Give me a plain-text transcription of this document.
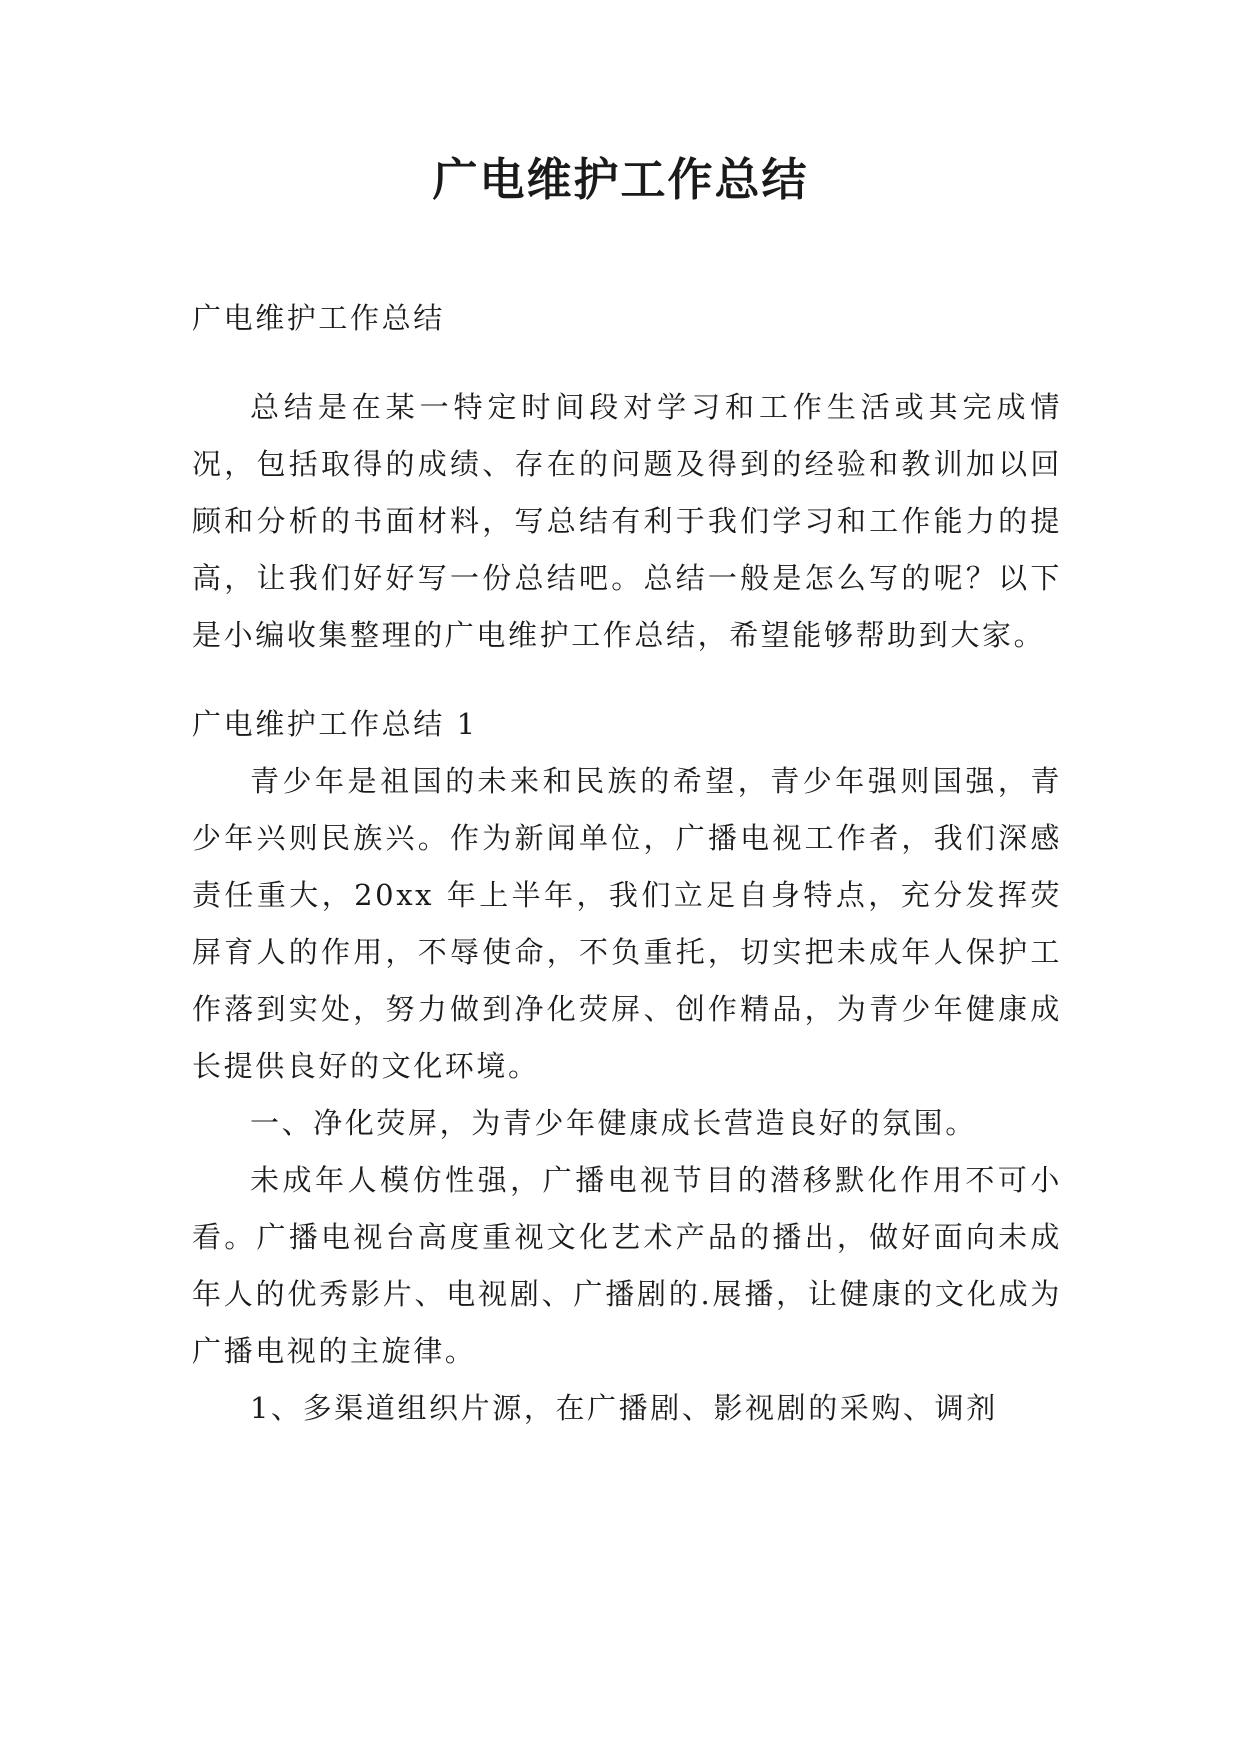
广电维护工作总结

广电维护工作总结

总结是在某一特定时间段对学习和工作生活或其完成情况，包括取得的成绩、存在的问题及得到的经验和教训加以回顾和分析的书面材料，写总结有利于我们学习和工作能力的提高，让我们好好写一份总结吧。总结一般是怎么写的呢？以下是小编收集整理的广电维护工作总结，希望能够帮助到大家。

广电维护工作总结 1

青少年是祖国的未来和民族的希望，青少年强则国强，青少年兴则民族兴。作为新闻单位，广播电视工作者，我们深感责任重大，20xx 年上半年，我们立足自身特点，充分发挥荧屏育人的作用，不辱使命，不负重托，切实把未成年人保护工作落到实处，努力做到净化荧屏、创作精品，为青少年健康成长提供良好的文化环境。

一、净化荧屏，为青少年健康成长营造良好的氛围。

未成年人模仿性强，广播电视节目的潜移默化作用不可小看。广播电视台高度重视文化艺术产品的播出，做好面向未成年人的优秀影片、电视剧、广播剧的.展播，让健康的文化成为广播电视的主旋律。

1、多渠道组织片源，在广播剧、影视剧的采购、调剂
